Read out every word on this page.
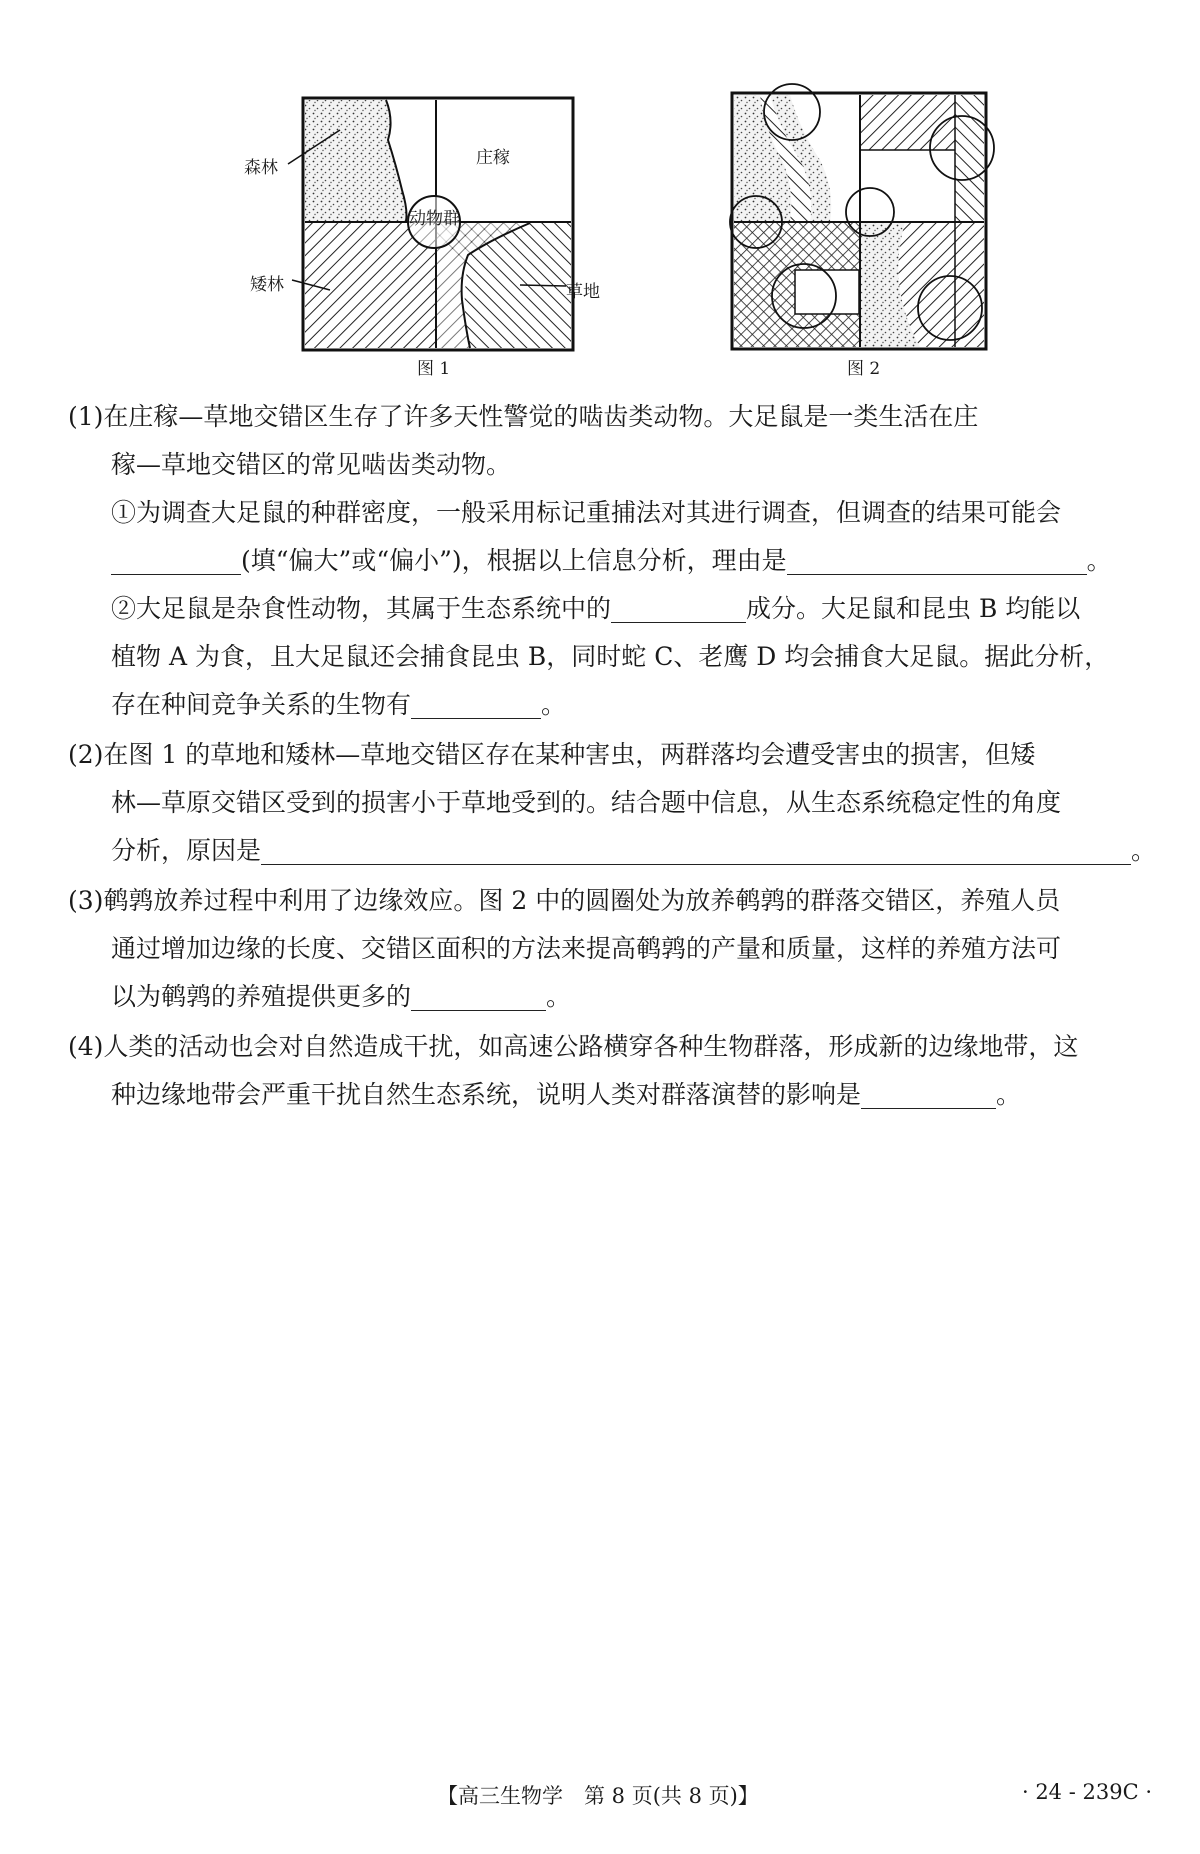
森林	庄稼
动物群
矮林	草地
图 1	图 2
(1)在庄稼—草地交错区生存了许多天性警觉的啮齿类动物。大足鼠是一类生活在庄
稼—草地交错区的常见啮齿类动物。
①为调查大足鼠的种群密度，一般采用标记重捕法对其进行调查，但调查的结果可能会
(填“偏大”或“偏小”)，根据以上信息分析，理由是	。
②大足鼠是杂食性动物，其属于生态系统中的	成分。大足鼠和昆虫 B 均能以
植物 A 为食，且大足鼠还会捕食昆虫 B，同时蛇 C、老鹰 D 均会捕食大足鼠。据此分析，
存在种间竞争关系的生物有	。
(2)在图 1 的草地和矮林—草地交错区存在某种害虫，两群落均会遭受害虫的损害，但矮
林—草原交错区受到的损害小于草地受到的。结合题中信息，从生态系统稳定性的角度
分析，原因是	。
(3)鹌鹑放养过程中利用了边缘效应。图 2 中的圆圈处为放养鹌鹑的群落交错区，养殖人员
通过增加边缘的长度、交错区面积的方法来提高鹌鹑的产量和质量，这样的养殖方法可
以为鹌鹑的养殖提供更多的	。
(4)人类的活动也会对自然造成干扰，如高速公路横穿各种生物群落，形成新的边缘地带，这
种边缘地带会严重干扰自然生态系统，说明人类对群落演替的影响是	。
【高三生物学　第 8 页(共 8 页)】	· 24 - 239C ·
